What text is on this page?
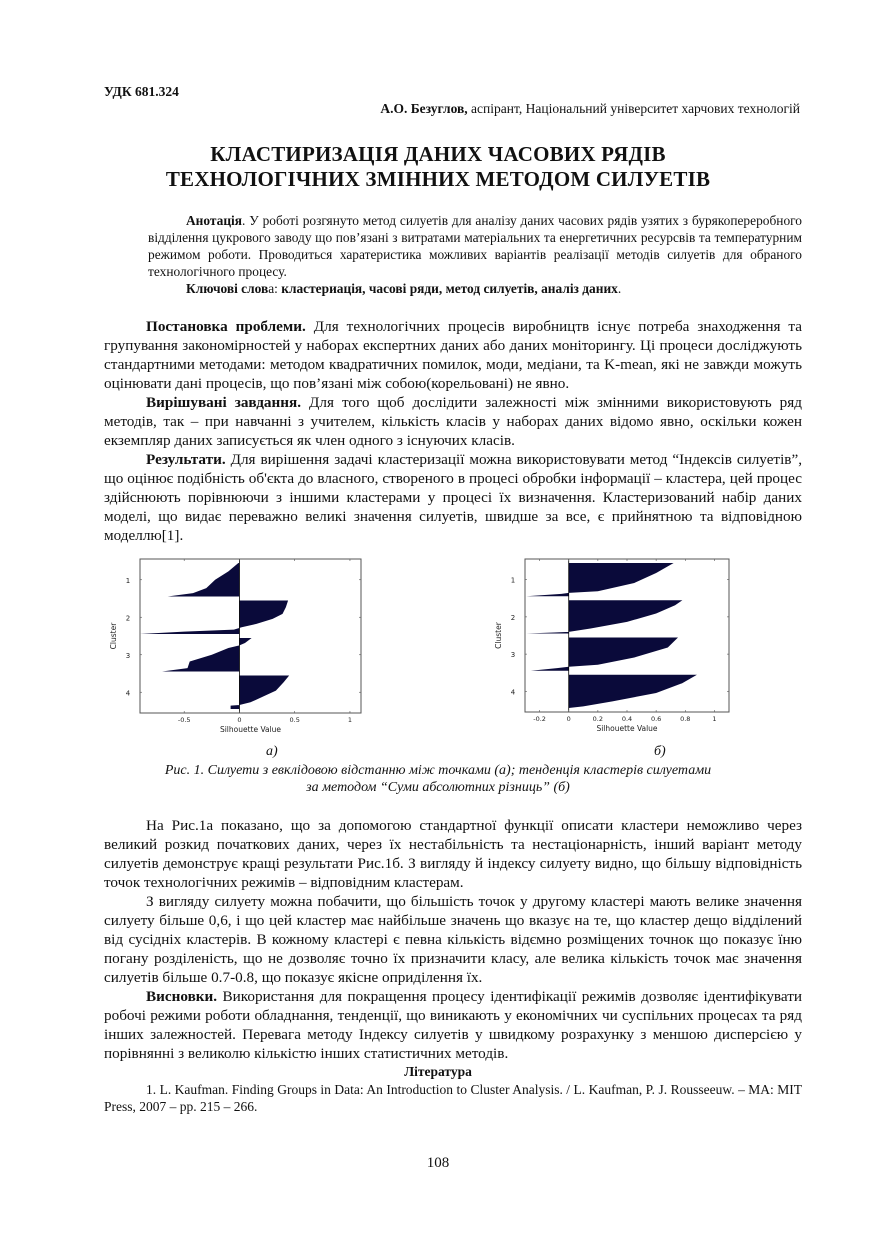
УДК 681.324
А.О. Безуглов, аспірант, Національний університет харчових технологій
КЛАСТИРИЗАЦІЯ ДАНИХ ЧАСОВИХ РЯДІВ
ТЕХНОЛОГІЧНИХ ЗМІННИХ МЕТОДОМ СИЛУЕТІВ

Анотація. У роботі розгянуто метод силуетів для аналізу даних часових рядів узятих з бурякопереробного відділення цукрового заводу що пов’язані з витратами матеріальних та енергетичних ресурсвів та температурним режимом роботи. Проводиться харатеристика можливих варіантів реалізації методів силуетів для обраного технологічного процесу.

Ключові слова: кластериація, часові ряди, метод силуетів, аналіз даних.

Постановка проблеми. Для технологічних процесів виробництв існує потреба знаходження та групування закономірностей у наборах експертних даних або даних моніторингу. Ці процеси досліджують стандартними методами: методом квадратичних помилок, моди, медіани, та K-mean, які не завжди можуть оцінювати дані процесів, що пов’язані між собою(корельовані) не явно.

Вирішувані завдання. Для того щоб дослідити залежності між змінними використовують ряд методів, так – при навчанні з учителем, кількість класів у наборах даних відомо явно, оскільки кожен екземпляр даних записується як член одного з існуючих класів.

Результати. Для вирішення задачі кластеризації можна використовувати метод “Індексів силуетів”, що оцінює подібність об'єкта до власного, створеного в процесі обробки інформації – кластера, цей процес здійснюють порівнюючи з іншими кластерами у процесі їх визначення. Кластеризований набір даних моделі, що видає переважно великі значення силуетів, швидше за все, є прийнятною та відповідною моделлю[1].

1
2
3
4
-0.5	0	0.5	1
Silhouette Value
Cluster
1
2
3
4
-0.2	0	0.2	0.4	0.6	0.8	1
Silhouette Value
Cluster
а)	б)
Рис. 1. Силуети з евклідовою відстанню між точками (а); тенденція кластерів силуетами
за методом “Суми абсолютних різниць” (б)

На Рис.1а показано, що за допомогою стандартної функції описати кластери неможливо через великий розкид початкових даних, через їх нестабільність та нестаціонарність, інший варіант методу силуетів демонструє кращі результати Рис.1б. З вигляду й індексу силуету видно, що більшу відповідність точок технологічних режимів – відповідним кластерам.

З вигляду силуету можна побачити, що більшість точок у другому кластері мають велике значення силуету більше 0,6, і що цей кластер має найбільше значень що вказує на те, що кластер дещо відділений від сусідніх кластерів. В кожному кластері є певна кількість відємно розміщених точнок що показує їню погану розділеність, що не дозволяє точно їх призначити класу, але велика кількість точок має значення силуетів більше 0.7-0.8, що показує якісне оприділення їх.

Висновки. Використання для покращення процесу ідентифікації режимів дозволяє ідентифікувати робочі режими роботи обладнання, тенденції, що виникають у економічних чи суспільних процесах та ряд інших залежностей. Перевага методу Індексу силуетів у швидкому розрахунку з меншою дисперсією у порівнянні з великолю кількістю інших статистичних методів.

Література

1. L. Kaufman. Finding Groups in Data: An Introduction to Cluster Analysis. / L. Kaufman, P. J. Rousseeuw. – MA: MIT Press, 2007 – pp. 215 – 266.

108
